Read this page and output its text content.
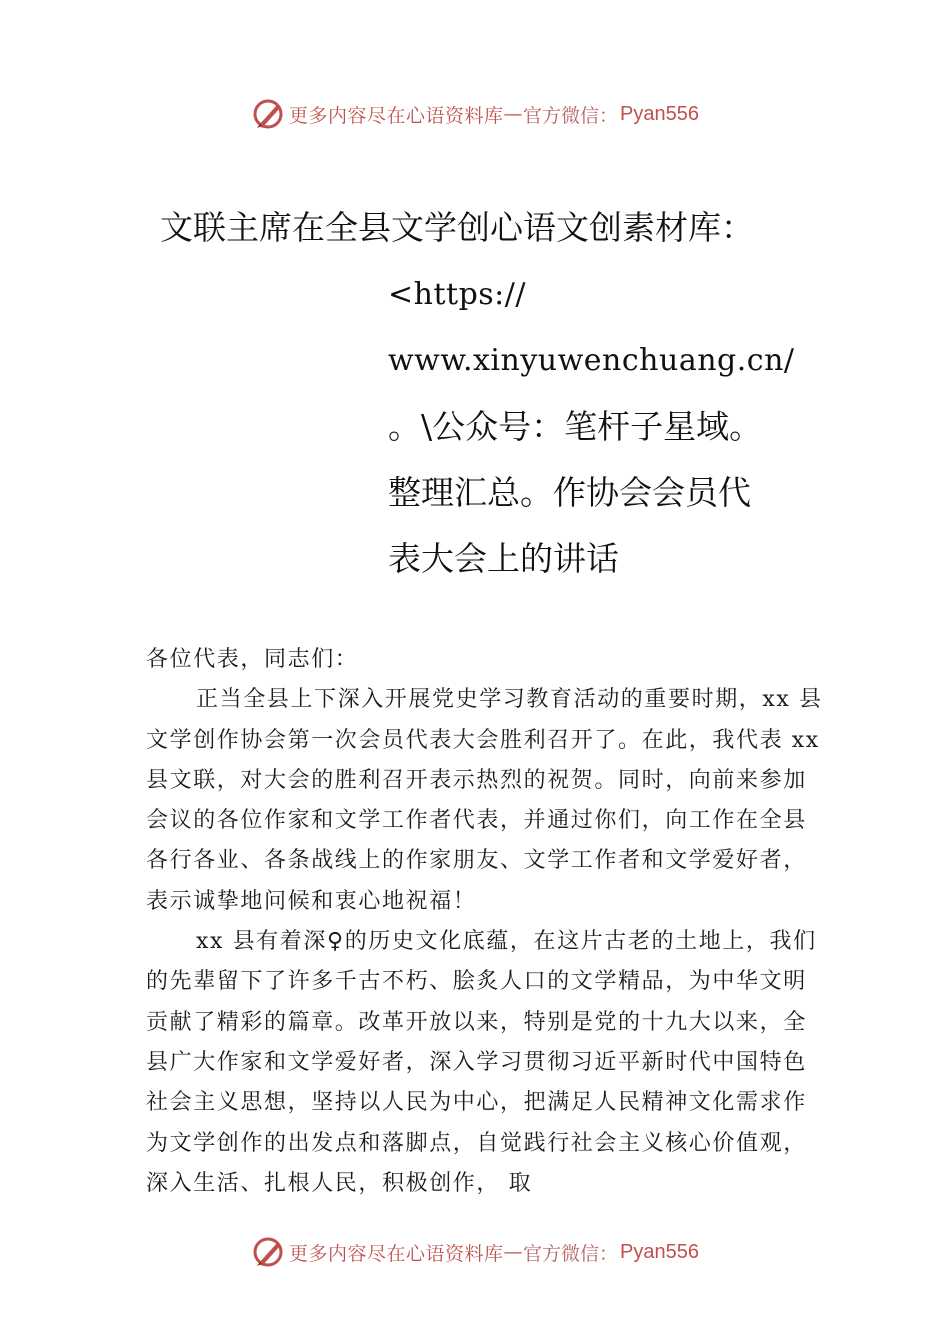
更多内容尽在心语资料库 — 官方微信： Pyan556
文联主席在全县文学创心语文创素材库：
<https://
www.xinyuwenchuang.cn/
。\公众号：笔杆子星域。
整理汇总。作协会会员代
表大会上的讲话

各位代表，同志们：

正当全县上下深入开展党史学习教育活动的重要时期，xx 县文学创作协会第一次会员代表大会胜利召开了。在此，我代表 xx 县文联，对大会的胜利召开表示热烈的祝贺。同时，向前来参加会议的各位作家和文学工作者代表，并通过你们，向工作在全县各行各业、各条战线上的作家朋友、文学工作者和文学爱好者，表示诚挚地问候和衷心地祝福！

xx 县有着深♀的历史文化底蕴，在这片古老的土地上，我们的先辈留下了许多千古不朽、脍炙人口的文学精品，为中华文明贡献了精彩的篇章。改革开放以来，特别是党的十九大以来，全县广大作家和文学爱好者，深入学习贯彻习近平新时代中国特色社会主义思想，坚持以人民为中心，把满足人民精神文化需求作为文学创作的出发点和落脚点，自觉践行社会主义核心价值观，深入生活、扎根人民，积极创作， 取

更多内容尽在心语资料库 — 官方微信： Pyan556
